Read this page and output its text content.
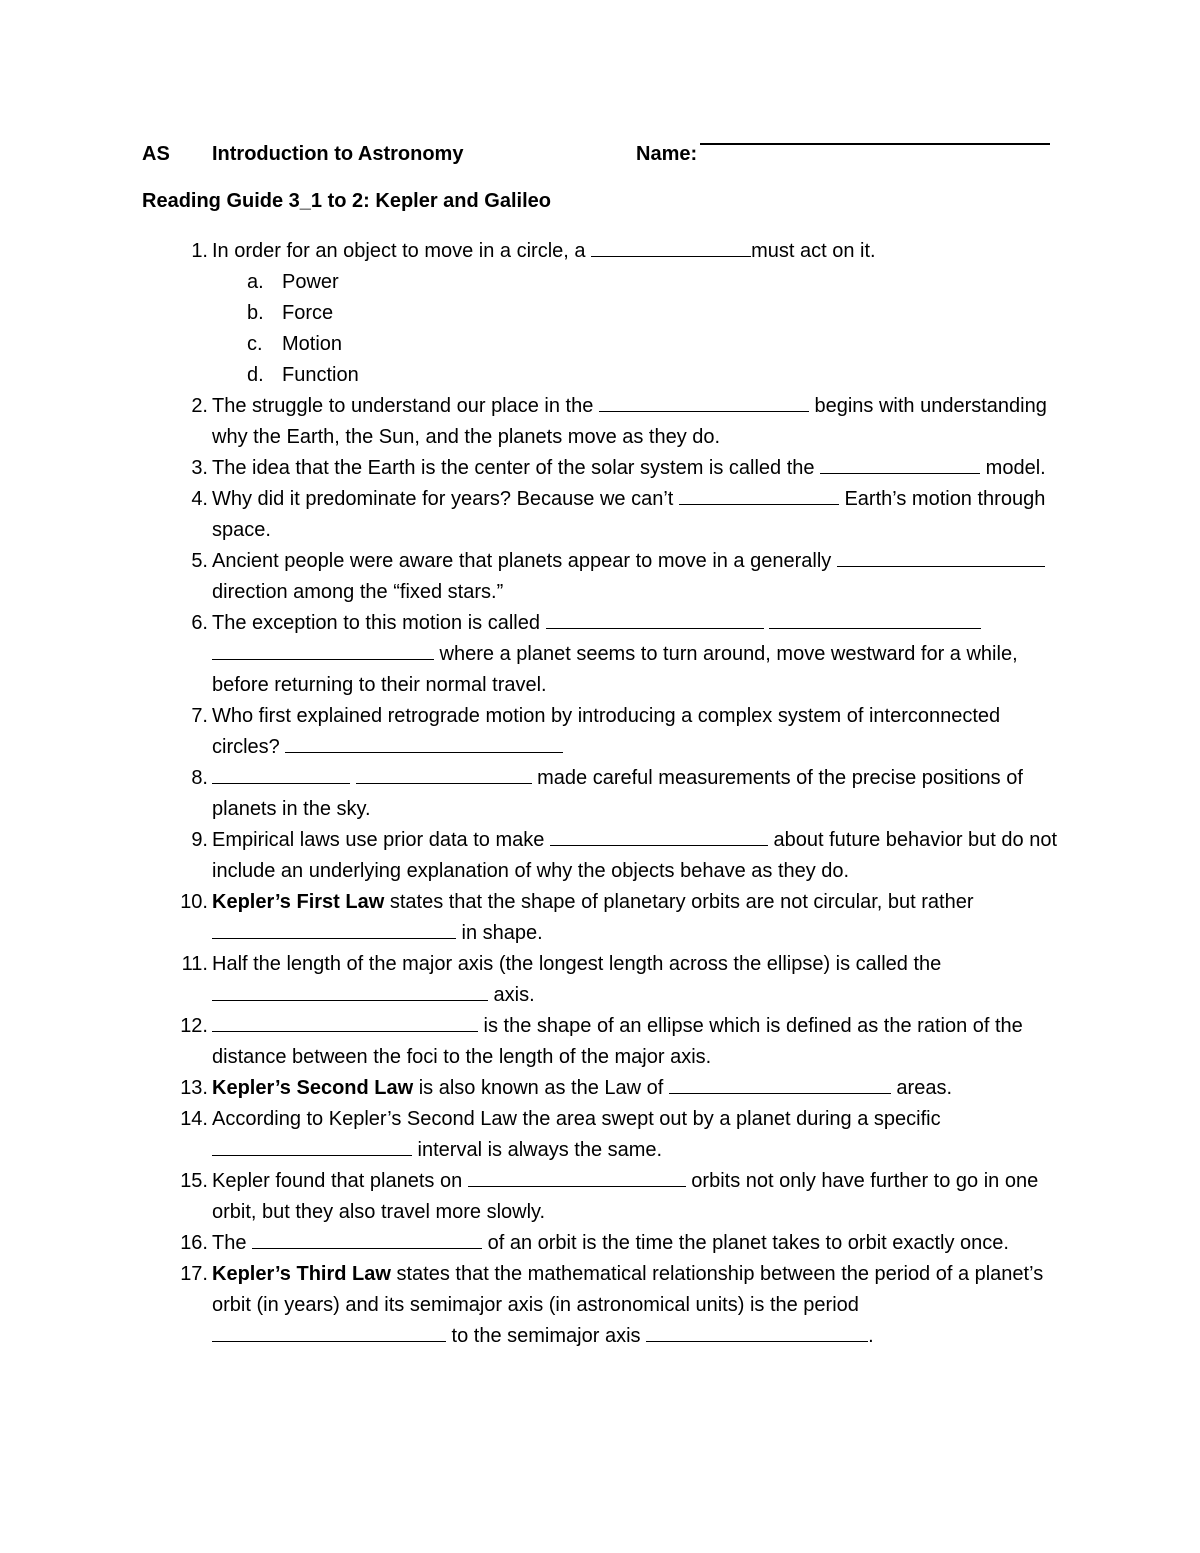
AS Introduction to Astronomy	Name:
Reading Guide 3_1 to 2: Kepler and Galileo
1. In order for an object to move in a circle, a	must act on it.
a. Power
b. Force
c. Motion
d. Function
2. The struggle to understand our place in the	begins with understanding why the Earth, the Sun, and the planets move as they do.
3. The idea that the Earth is the center of the solar system is called the	model.
4. Why did it predominate for years? Because we can’t	Earth’s motion through space.
5. Ancient people were aware that planets appear to move in a generally  direction among the “fixed stars.”
6. The exception to this motion is called    where a planet seems to turn around, move westward for a while, before returning to their normal travel.
7. Who first explained retrograde motion by introducing a complex system of interconnected circles?
8.	made careful measurements of the precise positions of planets in the sky.
9. Empirical laws use prior data to make	about future behavior but do not include an underlying explanation of why the objects behave as they do.
10. Kepler’s First Law states that the shape of planetary orbits are not circular, but rather  in shape.
11. Half the length of the major axis (the longest length across the ellipse) is called the  axis.
12.	is the shape of an ellipse which is defined as the ration of the distance between the foci to the length of the major axis.
13. Kepler’s Second Law is also known as the Law of	areas.
14. According to Kepler’s Second Law the area swept out by a planet during a specific  interval is always the same.
15. Kepler found that planets on	orbits not only have further to go in one orbit, but they also travel more slowly.
16. The	of an orbit is the time the planet takes to orbit exactly once.
17. Kepler’s Third Law states that the mathematical relationship between the period of a planet’s orbit (in years) and its semimajor axis (in astronomical units) is the period  to the semimajor axis	.
